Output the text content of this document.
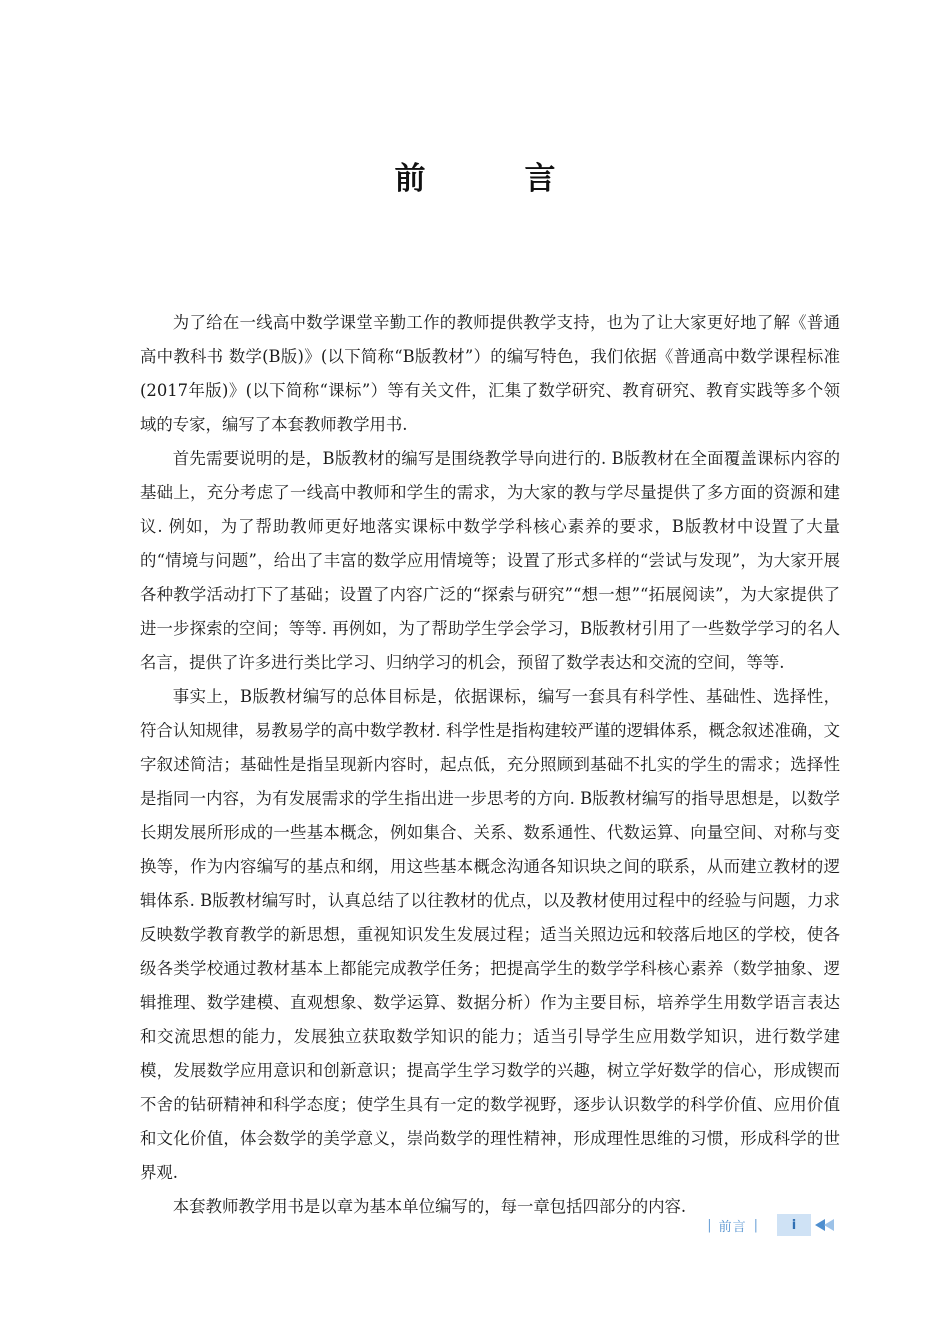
前　言

为了给在一线高中数学课堂辛勤工作的教师提供教学支持，也为了让大家更好地了解《普通高中教科书 数学(B版)》(以下简称“B版教材”）的编写特色，我们依据《普通高中数学课程标准(2017年版)》(以下简称“课标”）等有关文件，汇集了数学研究、教育研究、教育实践等多个领域的专家，编写了本套教师教学用书.

首先需要说明的是，B版教材的编写是围绕教学导向进行的. B版教材在全面覆盖课标内容的基础上，充分考虑了一线高中教师和学生的需求，为大家的教与学尽量提供了多方面的资源和建议. 例如，为了帮助教师更好地落实课标中数学学科核心素养的要求，B版教材中设置了大量的“情境与问题”，给出了丰富的数学应用情境等；设置了形式多样的“尝试与发现”，为大家开展各种教学活动打下了基础；设置了内容广泛的“探索与研究”“想一想”“拓展阅读”，为大家提供了进一步探索的空间；等等. 再例如，为了帮助学生学会学习，B版教材引用了一些数学学习的名人名言，提供了许多进行类比学习、归纳学习的机会，预留了数学表达和交流的空间，等等.

事实上，B版教材编写的总体目标是，依据课标，编写一套具有科学性、基础性、选择性，符合认知规律，易教易学的高中数学教材. 科学性是指构建较严谨的逻辑体系，概念叙述准确，文字叙述简洁；基础性是指呈现新内容时，起点低，充分照顾到基础不扎实的学生的需求；选择性是指同一内容，为有发展需求的学生指出进一步思考的方向. B版教材编写的指导思想是，以数学长期发展所形成的一些基本概念，例如集合、关系、数系通性、代数运算、向量空间、对称与变换等，作为内容编写的基点和纲，用这些基本概念沟通各知识块之间的联系，从而建立教材的逻辑体系. B版教材编写时，认真总结了以往教材的优点，以及教材使用过程中的经验与问题，力求反映数学教育教学的新思想，重视知识发生发展过程；适当关照边远和较落后地区的学校，使各级各类学校通过教材基本上都能完成教学任务；把提高学生的数学学科核心素养（数学抽象、逻辑推理、数学建模、直观想象、数学运算、数据分析）作为主要目标，培养学生用数学语言表达和交流思想的能力，发展独立获取数学知识的能力；适当引导学生应用数学知识，进行数学建模，发展数学应用意识和创新意识；提高学生学习数学的兴趣，树立学好数学的信心，形成锲而不舍的钻研精神和科学态度；使学生具有一定的数学视野，逐步认识数学的科学价值、应用价值和文化价值，体会数学的美学意义，崇尚数学的理性精神，形成理性思维的习惯，形成科学的世界观.

本套教师教学用书是以章为基本单位编写的，每一章包括四部分的内容.

| 前言 |	i
